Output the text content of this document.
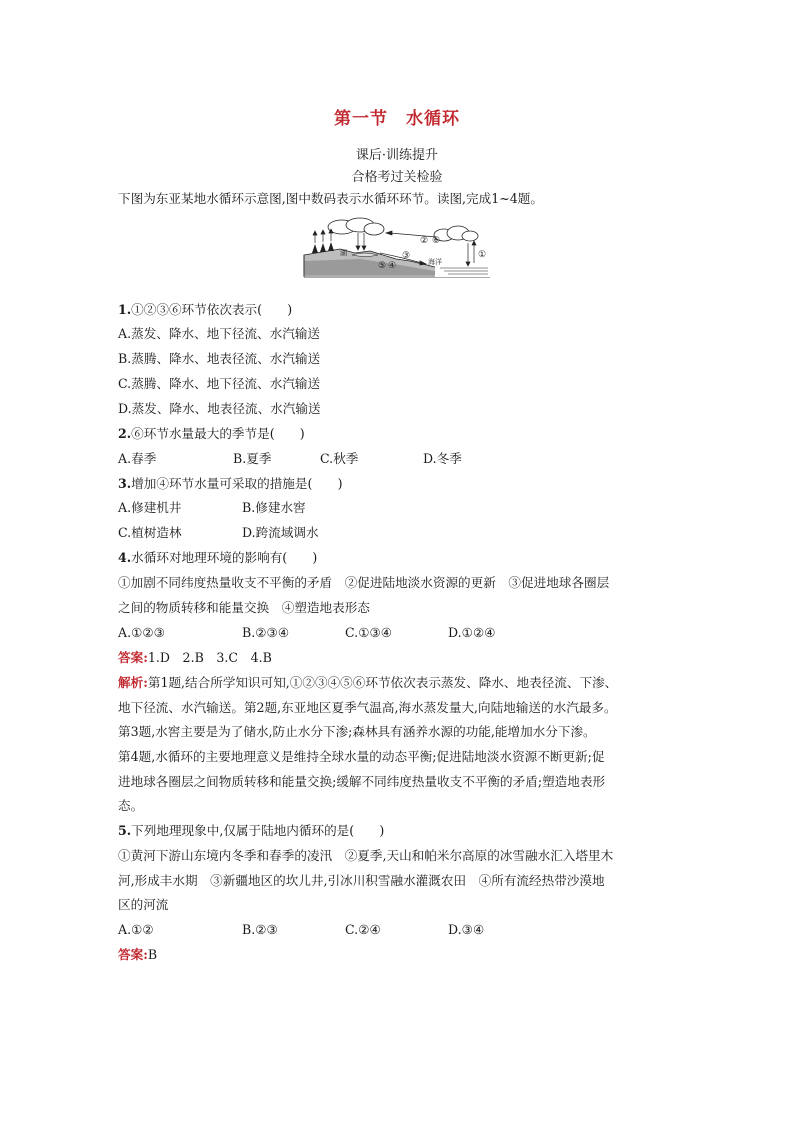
第一节 水循环
课后·训练提升
合格考过关检验
下图为东亚某地水循环示意图,图中数码表示水循环环节。读图,完成1~4题。
② ⑥
③	①
⑤ ④
湖
海洋
1.①②③⑥环节依次表示(　　)
A.蒸发、降水、地下径流、水汽输送
B.蒸腾、降水、地表径流、水汽输送
C.蒸腾、降水、地下径流、水汽输送
D.蒸发、降水、地表径流、水汽输送
2.⑥环节水量最大的季节是(　　)
A.春季	B.夏季	C.秋季	D.冬季
3.增加④环节水量可采取的措施是(　　)
A.修建机井	B.修建水窖
C.植树造林	D.跨流域调水
4.水循环对地理环境的影响有(　　)
①加剧不同纬度热量收支不平衡的矛盾　②促进陆地淡水资源的更新　③促进地球各圈层
之间的物质转移和能量交换　④塑造地表形态
A.①②③	B.②③④	C.①③④	D.①②④
答案:1.D　2.B　3.C　4.B
解析:第1题,结合所学知识可知,①②③④⑤⑥环节依次表示蒸发、降水、地表径流、下渗、
地下径流、水汽输送。第2题,东亚地区夏季气温高,海水蒸发量大,向陆地输送的水汽最多。
第3题,水窖主要是为了储水,防止水分下渗;森林具有涵养水源的功能,能增加水分下渗。
第4题,水循环的主要地理意义是维持全球水量的动态平衡;促进陆地淡水资源不断更新;促
进地球各圈层之间物质转移和能量交换;缓解不同纬度热量收支不平衡的矛盾;塑造地表形
态。
5.下列地理现象中,仅属于陆地内循环的是(　　)
①黄河下游山东境内冬季和春季的凌汛　②夏季,天山和帕米尔高原的冰雪融水汇入塔里木
河,形成丰水期　③新疆地区的坎儿井,引冰川积雪融水灌溉农田　④所有流经热带沙漠地
区的河流
A.①②	B.②③	C.②④	D.③④
答案:B
